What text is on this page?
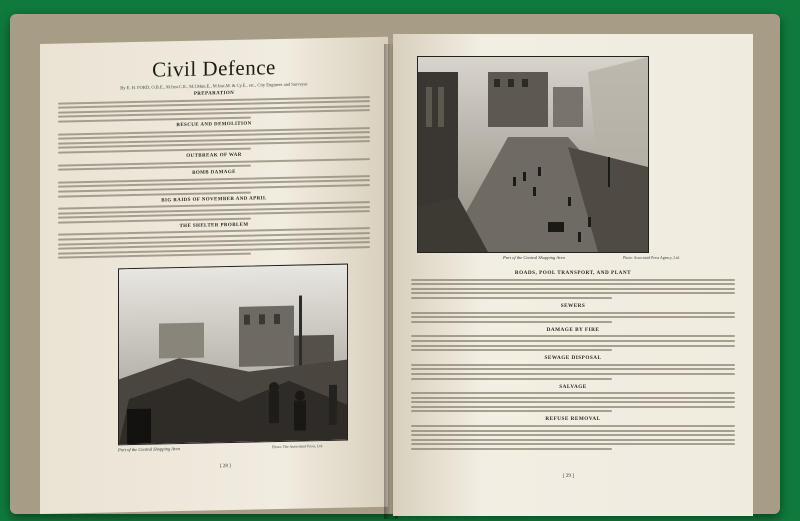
Civil Defence
By E. H. FORD, O.B.E., M.Inst.C.E., M.I.Mun.E., M.Inst.M. & Cy.E., etc., City Engineer and Surveyor
PREPARATION
RESCUE AND DEMOLITION
OUTBREAK OF WAR
BOMB DAMAGE
BIG RAIDS OF NOVEMBER AND APRIL
THE SHELTER PROBLEM
Part of the Central Shopping Area	Photo: The Associated Press, Ltd.
[ 28 ]
Part of the Central Shopping Area	Photo: Associated Press Agency, Ltd.
ROADS, POOL TRANSPORT, AND PLANT
SEWERS
DAMAGE BY FIRE
SEWAGE DISPOSAL
SALVAGE
REFUSE REMOVAL
[ 29 ]
